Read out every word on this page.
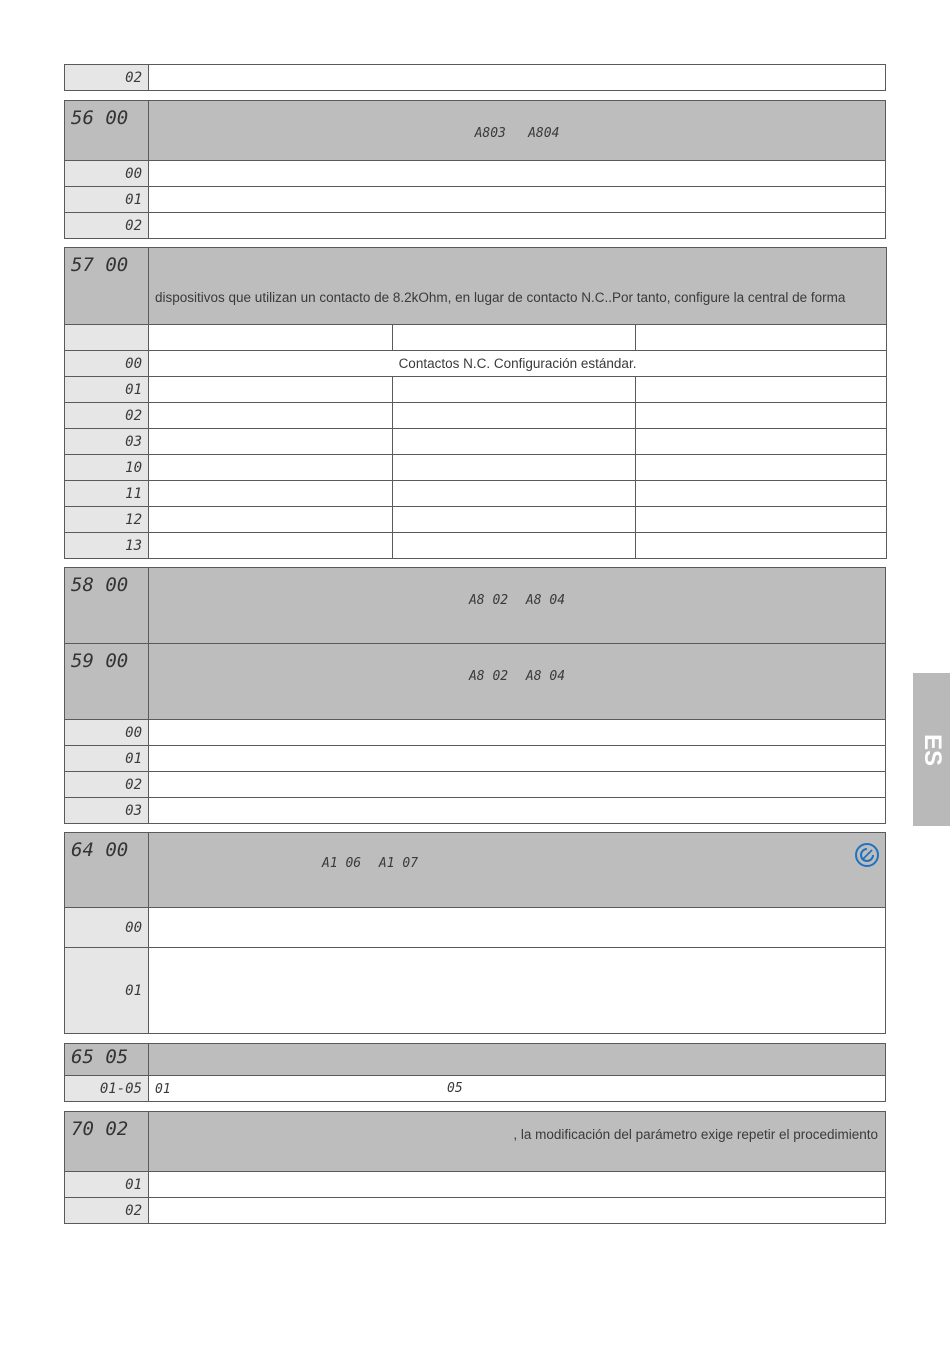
02	
56 00	A803 A804
00	
01	
02	
57 00	dispositivos que utilizan un contacto de 8.2kOhm, en lugar de contacto N.C..Por tanto, configure la central de forma		

00	Contactos N.C. Configuración estándar.		
01			
02			
03			
10			
11			
12			
13			
58 00	A8 02 A8 04
59 00	A8 02 A8 04
00	
01	
02	
03	
64 00	A1 06 A1 07

00	
01	
65 05	
01-05	01 05
70 02	, la modificación del parámetro exige repetir el procedimiento
01	
02	
ES
